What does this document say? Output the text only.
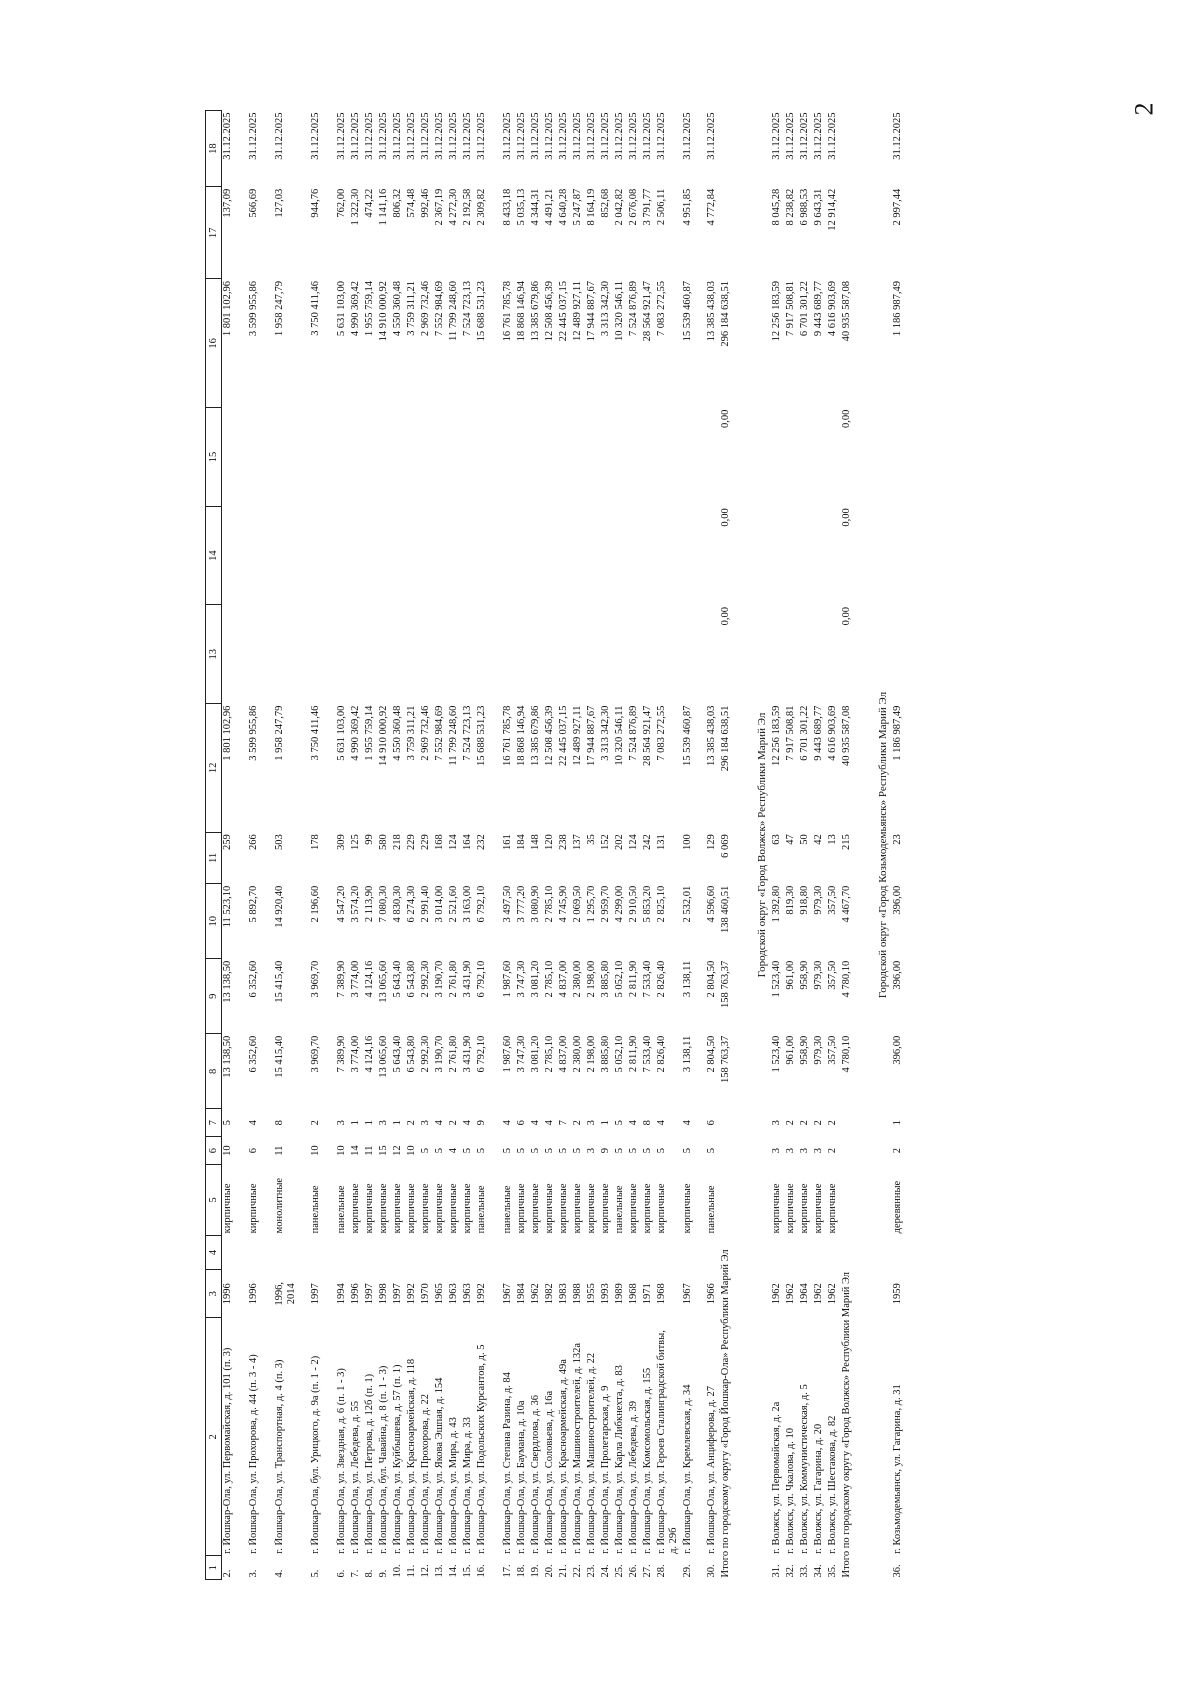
2
1	2	3	4	5	6	7	8	9	10	11	12	13	14	15	16	17	18
2.	г. Йошкар-Ола, ул. Первомайская, д. 101 (п. 3)	1996		кирпичные	10	5	13 138,50	13 138,50	11 523,10	259	1 801 102,96				1 801 102,96	137,09	31.12.2025
3.	г. Йошкар-Ола, ул. Прохорова, д. 44 (п. 3 - 4)	1996		кирпичные	6	4	6 352,60	6 352,60	5 892,70	266	3 599 955,86				3 599 955,86	566,69	31.12.2025
4.	г. Йошкар-Ола, ул. Транспортная, д. 4 (п. 3)	1996, 2014		монолитные	11	8	15 415,40	15 415,40	14 920,40	503	1 958 247,79				1 958 247,79	127,03	31.12.2025

5.	г. Йошкар-Ола, бул. Урицкого, д. 9а (п. 1 - 2)	1997		панельные	10	2	3 969,70	3 969,70	2 196,60	178	3 750 411,46				3 750 411,46	944,76	31.12.2025
6.	г. Йошкар-Ола, ул. Звездная, д. 6 (п. 1 - 3)	1994		панельные	10	3	7 389,90	7 389,90	4 547,20	309	5 631 103,00				5 631 103,00	762,00	31.12.2025
7.	г. Йошкар-Ола, ул. Лебедева, д. 55	1996		кирпичные	14	1	3 774,00	3 774,00	3 574,20	125	4 990 369,42				4 990 369,42	1 322,30	31.12.2025
8.	г. Йошкар-Ола, ул. Петрова, д. 12б (п. 1)	1997		кирпичные	11	1	4 124,16	4 124,16	2 113,90	99	1 955 759,14				1 955 759,14	474,22	31.12.2025
9.	г. Йошкар-Ола, бул. Чавайна, д. 8 (п. 1 - 3)	1998		кирпичные	15	3	13 065,60	13 065,60	7 080,30	580	14 910 000,92				14 910 000,92	1 141,16	31.12.2025
10.	г. Йошкар-Ола, ул. Куйбышева, д. 57 (п. 1)	1997		кирпичные	12	1	5 643,40	5 643,40	4 830,30	218	4 550 360,48				4 550 360,48	806,32	31.12.2025
11.	г. Йошкар-Ола, ул. Красноармейская, д. 118	1992		кирпичные	10	2	6 543,80	6 543,80	6 274,30	229	3 759 311,21				3 759 311,21	574,48	31.12.2025
12.	г. Йошкар-Ола, ул. Прохорова, д. 22	1970		кирпичные	5	3	2 992,30	2 992,30	2 991,40	229	2 969 732,46				2 969 732,46	992,46	31.12.2025
13.	г. Йошкар-Ола, ул. Якова Эшпая, д. 154	1965		кирпичные	5	4	3 190,70	3 190,70	3 014,00	168	7 552 984,69				7 552 984,69	2 367,19	31.12.2025
14.	г. Йошкар-Ола, ул. Мира, д. 43	1963		кирпичные	4	2	2 761,80	2 761,80	2 521,60	124	11 799 248,60				11 799 248,60	4 272,30	31.12.2025
15.	г. Йошкар-Ола, ул. Мира, д. 33	1963		кирпичные	5	4	3 431,90	3 431,90	3 163,00	164	7 524 723,13				7 524 723,13	2 192,58	31.12.2025
16.	г. Йошкар-Ола, ул. Подольских Курсантов, д. 5	1992		панельные	5	9	6 792,10	6 792,10	6 792,10	232	15 688 531,23				15 688 531,23	2 309,82	31.12.2025
17.	г. Йошкар-Ола, ул. Степана Разина, д. 84	1967		панельные	5	4	1 987,60	1 987,60	3 497,50	161	16 761 785,78				16 761 785,78	8 433,18	31.12.2025
18.	г. Йошкар-Ола, ул. Баумана, д. 10а	1984		кирпичные	5	6	3 747,30	3 747,30	3 777,20	184	18 868 146,94				18 868 146,94	5 035,13	31.12.2025
19.	г. Йошкар-Ола, ул. Свердлова, д. 36	1962		кирпичные	5	4	3 081,20	3 081,20	3 080,90	148	13 385 679,86				13 385 679,86	4 344,31	31.12.2025
20.	г. Йошкар-Ола, ул. Соловьева, д. 16а	1982		кирпичные	5	4	2 785,10	2 785,10	2 785,10	120	12 508 456,39				12 508 456,39	4 491,21	31.12.2025
21.	г. Йошкар-Ола, ул. Красноармейская, д. 49а	1983		кирпичные	5	7	4 837,00	4 837,00	4 745,90	238	22 445 037,15				22 445 037,15	4 640,28	31.12.2025
22.	г. Йошкар-Ола, ул. Машиностроителей, д. 132а	1988		кирпичные	5	2	2 380,00	2 380,00	2 069,50	137	12 489 927,11				12 489 927,11	5 247,87	31.12.2025
23.	г. Йошкар-Ола, ул. Машиностроителей, д. 22	1955		кирпичные	3	3	2 198,00	2 198,00	1 295,70	35	17 944 887,67				17 944 887,67	8 164,19	31.12.2025
24.	г. Йошкар-Ола, ул. Пролетарская, д. 9	1993		кирпичные	9	1	3 885,80	3 885,80	2 959,70	152	3 313 342,30				3 313 342,30	852,68	31.12.2025
25.	г. Йошкар-Ола, ул. Карла Либкнехта, д. 83	1989		панельные	5	5	5 052,10	5 052,10	4 299,00	202	10 320 546,11				10 320 546,11	2 042,82	31.12.2025
26.	г. Йошкар-Ола, ул. Лебедева, д. 39	1968		кирпичные	5	4	2 811,90	2 811,90	2 910,50	124	7 524 876,89				7 524 876,89	2 676,08	31.12.2025
27.	г. Йошкар-Ола, ул. Комсомольская, д. 155	1971		кирпичные	5	8	7 533,40	7 533,40	5 853,20	242	28 564 921,47				28 564 921,47	3 791,77	31.12.2025
28.	г. Йошкар-Ола, ул. Героев Сталинградской битвы, д. 29б	1968		кирпичные	5	4	2 826,40	2 826,40	2 825,10	131	7 083 272,55				7 083 272,55	2 506,11	31.12.2025
29.	г. Йошкар-Ола, ул. Кремлевская, д. 34	1967		кирпичные	5	4	3 138,11	3 138,11	2 532,01	100	15 539 460,87				15 539 460,87	4 951,85	31.12.2025

30.	г. Йошкар-Ола, ул. Анциферова, д. 27	1966		панельные	5	6	2 804,50	2 804,50	4 596,60	129	13 385 438,03				13 385 438,03	4 772,84	31.12.2025
Итого по городскому округу «Город Йошкар-Ола» Республики Марий Эл							158 763,37	158 763,37	138 460,51	6 069	296 184 638,51	0,00	0,00	0,00	296 184 638,51		

Городской округ «Город Волжск» Республики Марий Эл																	
31.	г. Волжск, ул. Первомайская, д. 2а	1962		кирпичные	3	3	1 523,40	1 523,40	1 392,80	63	12 256 183,59				12 256 183,59	8 045,28	31.12.2025
32.	г. Волжск, ул. Чкалова, д. 10	1962		кирпичные	3	2	961,00	961,00	819,30	47	7 917 508,81				7 917 508,81	8 238,82	31.12.2025
33.	г. Волжск, ул. Коммунистическая, д. 5	1964		кирпичные	3	2	958,90	958,90	918,80	50	6 701 301,22				6 701 301,22	6 988,53	31.12.2025
34.	г. Волжск, ул. Гагарина, д. 20	1962		кирпичные	3	2	979,30	979,30	979,30	42	9 443 689,77				9 443 689,77	9 643,31	31.12.2025
35.	г. Волжск, ул. Шестакова, д. 82	1962		кирпичные	2	2	357,50	357,50	357,50	13	4 616 903,69				4 616 903,69	12 914,42	31.12.2025
Итого по городскому округу «Город Волжск» Республики Марий Эл							4 780,10	4 780,10	4 467,70	215	40 935 587,08	0,00	0,00	0,00	40 935 587,08		

Городской округ «Город Козьмодемьянск» Республики Марий Эл																	
36.	г. Козьмодемьянск, ул. Гагарина, д. 31	1959		деревянные	2	1	396,00	396,00	396,00	23	1 186 987,49				1 186 987,49	2 997,44	31.12.2025
